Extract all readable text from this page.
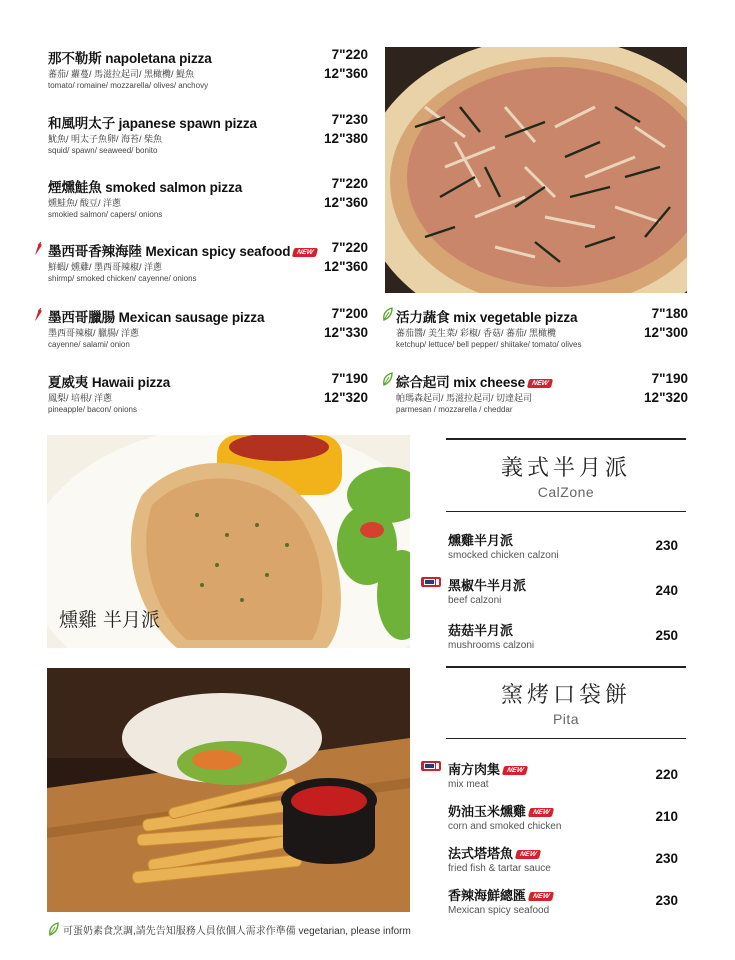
那不勒斯 napoletana pizza	7"220
12"360
蕃茄/ 蘿蔓/ 馬滋拉起司/ 黑橄欖/ 鯷魚
tomato/ romaine/ mozzarella/ olives/ anchovy
和風明太子 japanese spawn pizza	7"230
12"380
魷魚/ 明太子魚卵/ 海苔/ 柴魚
squid/ spawn/ seaweed/ bonito
煙燻鮭魚 smoked salmon pizza	7"220
12"360
燻鮭魚/ 酸豆/ 洋蔥
smokied salmon/ capers/ onions
墨西哥香辣海陸 Mexican spicy seafood NEW 7"220
12"360
鮮蝦/ 燻雞/ 墨西哥辣椒/ 洋蔥
shirmp/ smoked chicken/ cayenne/ onions
墨西哥臘腸 Mexican sausage pizza	7"200
12"330
墨西哥辣椒/ 臘腸/ 洋蔥
cayenne/ salami/ onion
夏威夷 Hawaii pizza	7"190
12"320
鳳梨/ 培根/ 洋蔥
pineapple/ bacon/ onions
活力蔬食 mix vegetable pizza	7"180
12"300
蕃茄醬/ 美生菜/ 彩椒/ 香菇/ 蕃茄/ 黑橄欖
ketchup/ lettuce/ bell pepper/ shiitake/ tomato/ olives
綜合起司 mix cheese NEW	7"190
12"320
帕瑪森起司/ 馬滋拉起司/ 切達起司
parmesan / mozzarella / cheddar
燻雞 半月派
義式半月派
CalZone
燻雞半月派
smocked chicken calzoni
230
黑椒牛半月派
beef calzoni
240
菇菇半月派
mushrooms calzoni
250
窯烤口袋餅
Pita
南方肉集 NEW
mix meat
220
奶油玉米燻雞 NEW
corn and smoked chicken
210
法式塔塔魚 NEW
fried fish & tartar sauce
230
香辣海鮮總匯 NEW
Mexican spicy seafood
230
可蛋奶素食烹調,請先告知服務人員依個人需求作準備 vegetarian, please inform
